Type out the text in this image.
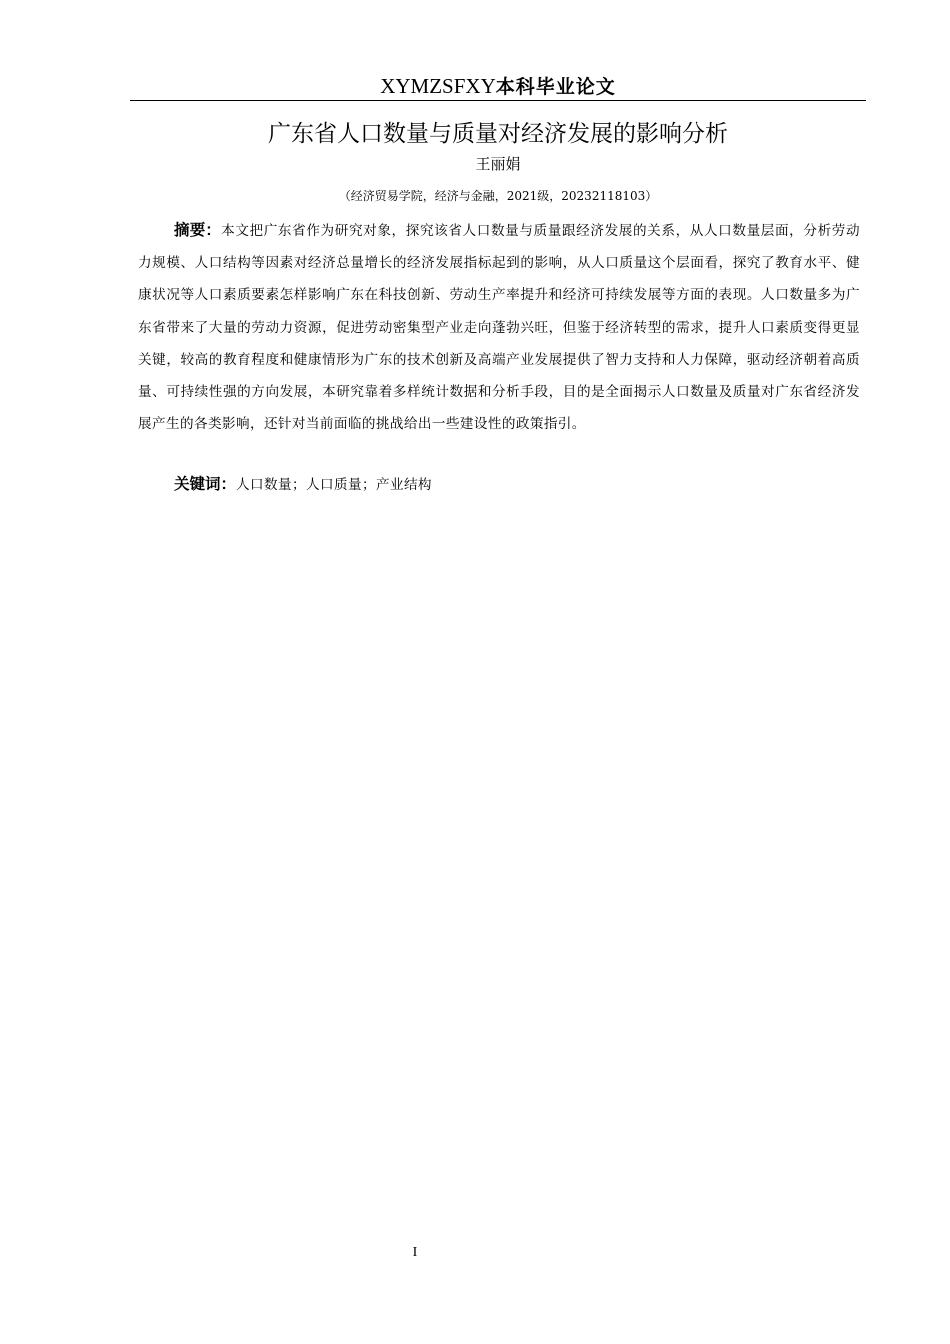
XYMZSFXY本科毕业论文
广东省人口数量与质量对经济发展的影响分析
王丽娟
（经济贸易学院，经济与金融，2021级，20232118103）

摘要：本文把广东省作为研究对象，探究该省人口数量与质量跟经济发展的关系，从人口数量层面，分析劳动力规模、人口结构等因素对经济总量增长的经济发展指标起到的影响，从人口质量这个层面看，探究了教育水平、健康状况等人口素质要素怎样影响广东在科技创新、劳动生产率提升和经济可持续发展等方面的表现。人口数量多为广东省带来了大量的劳动力资源，促进劳动密集型产业走向蓬勃兴旺，但鉴于经济转型的需求，提升人口素质变得更显关键，较高的教育程度和健康情形为广东的技术创新及高端产业发展提供了智力支持和人力保障，驱动经济朝着高质量、可持续性强的方向发展，本研究靠着多样统计数据和分析手段，目的是全面揭示人口数量及质量对广东省经济发展产生的各类影响，还针对当前面临的挑战给出一些建设性的政策指引。

关键词：人口数量；人口质量；产业结构
I
